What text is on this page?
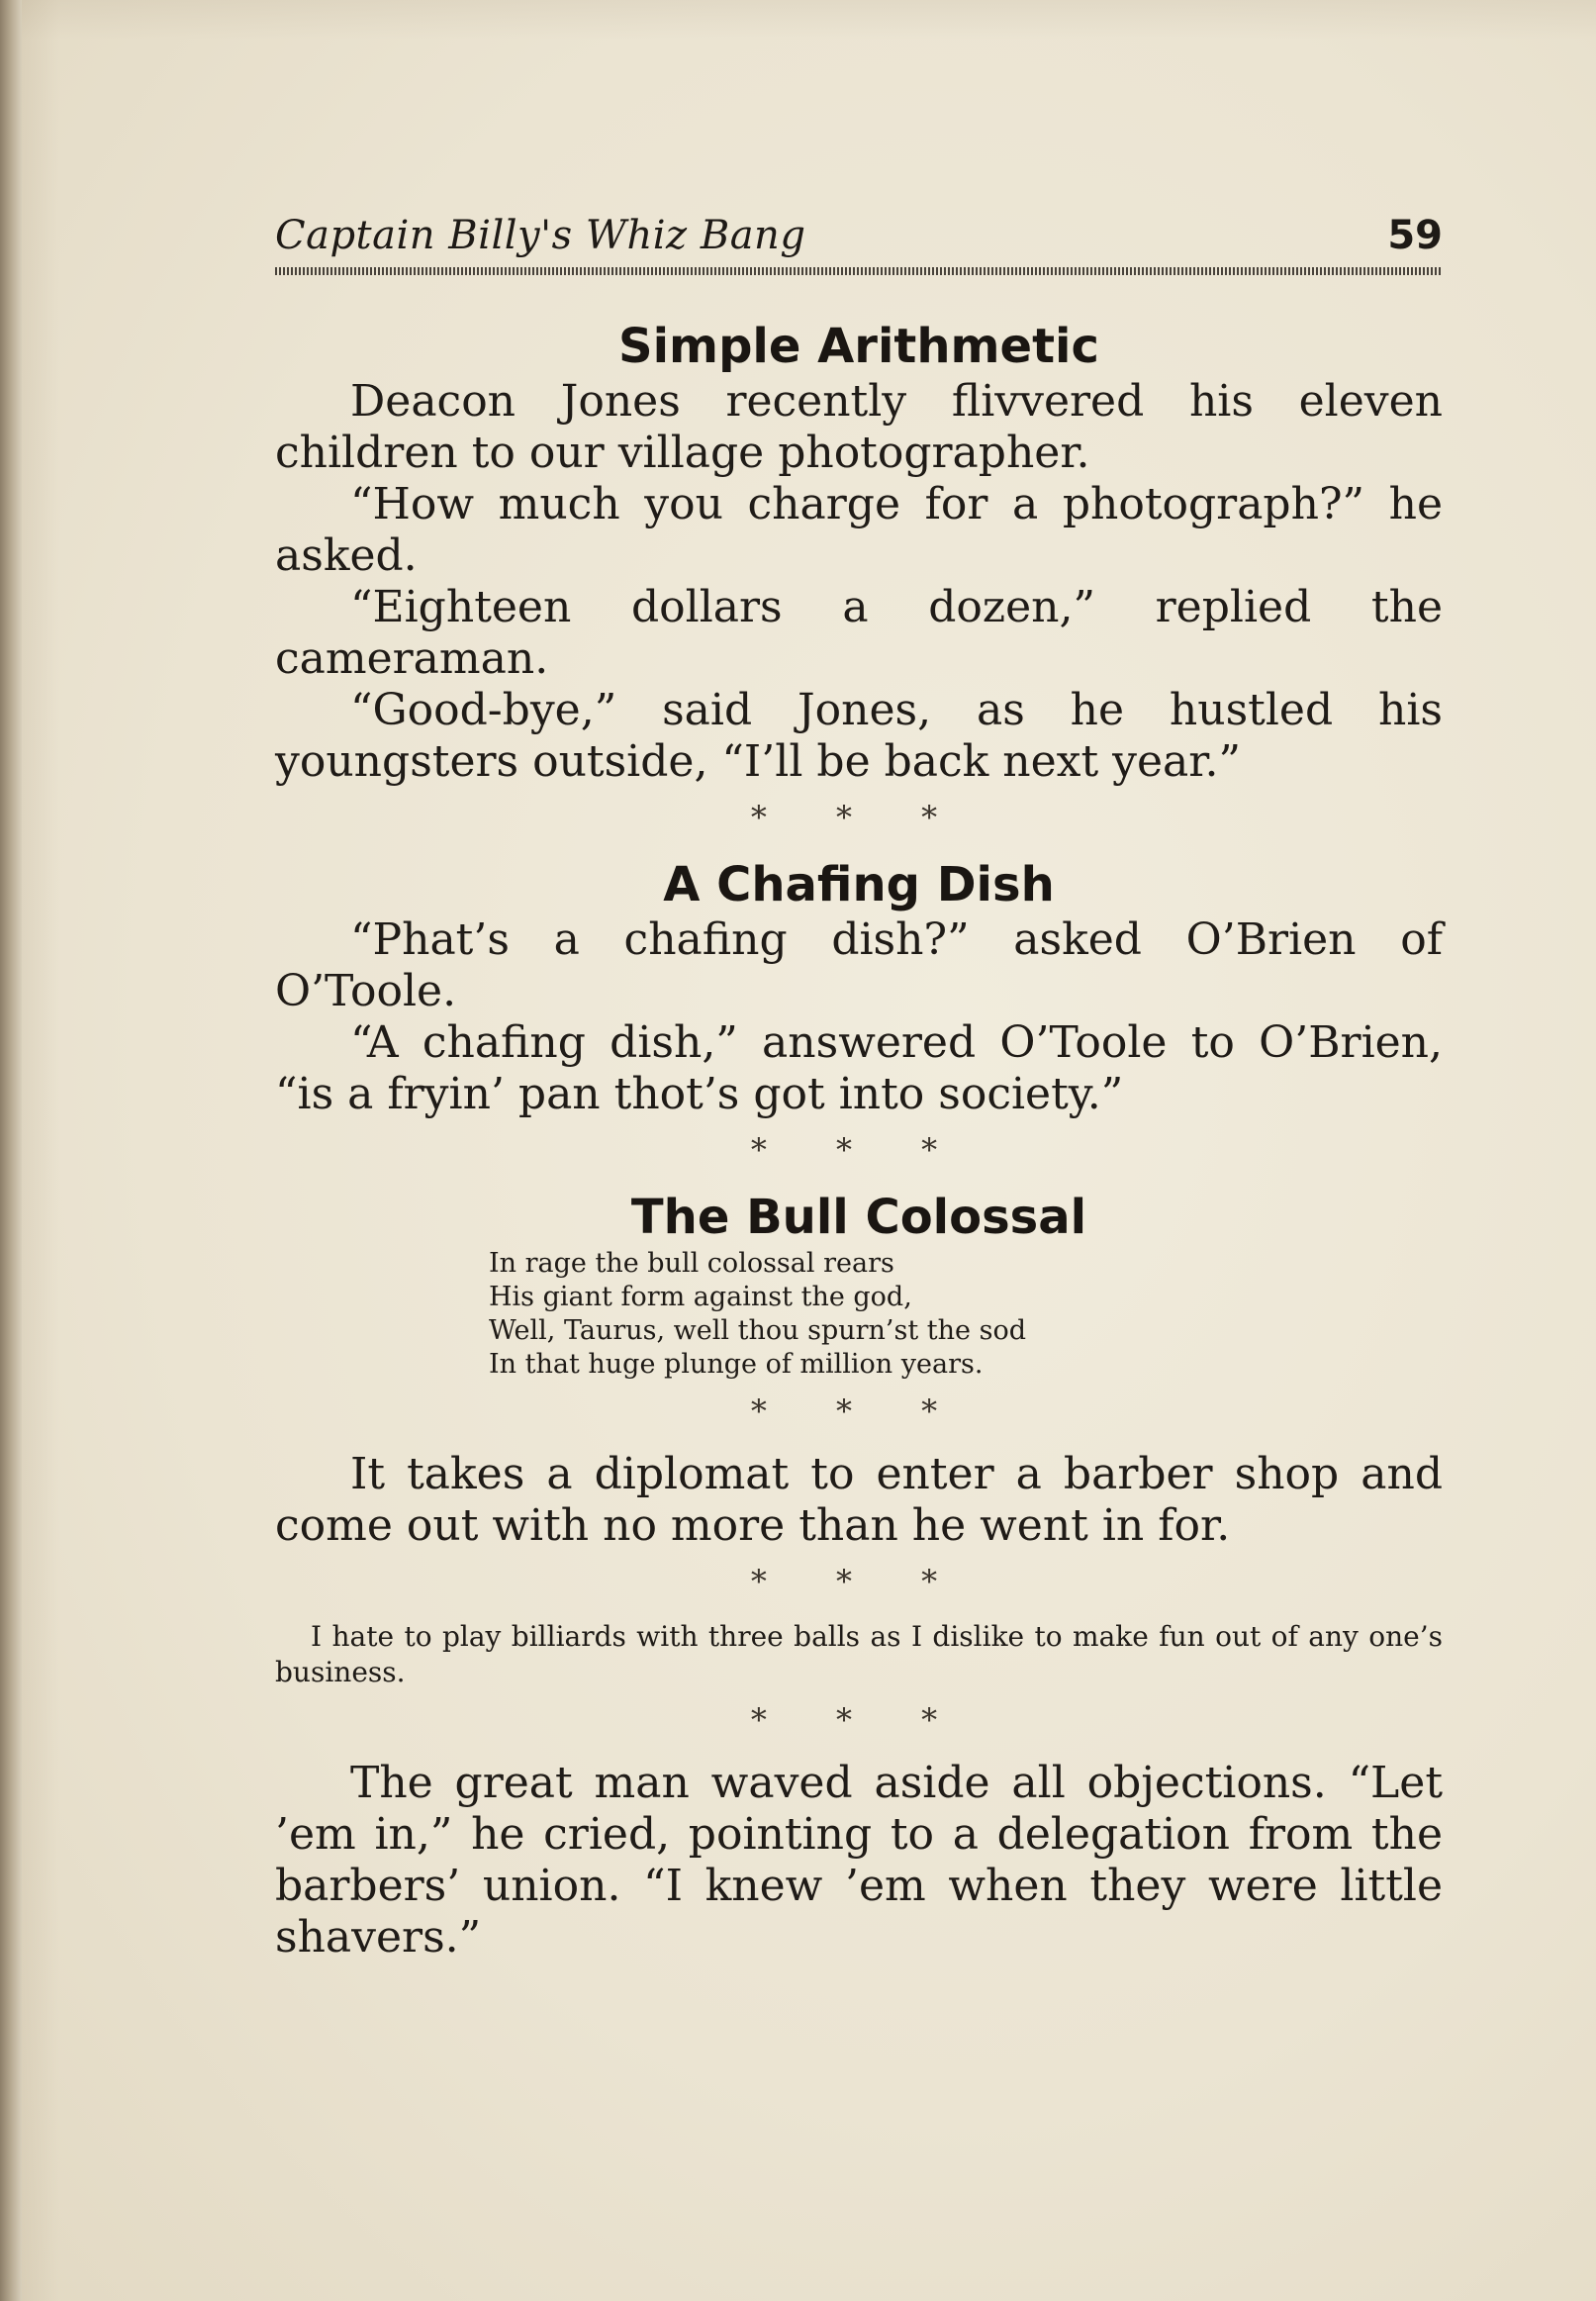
Captain Billy's Whiz Bang	59
Simple Arithmetic

Deacon Jones recently flivvered his eleven children to our village photographer.

“How much you charge for a photograph?” he asked.

“Eighteen dollars a dozen,” replied the cameraman.

“Good-bye,” said Jones, as he hustled his youngsters outside, “I’ll be back next year.”

* * *
A Chafing Dish

“Phat’s a chafing dish?” asked O’Brien of O’Toole.

“A chafing dish,” answered O’Toole to O’Brien, “is a fryin’ pan thot’s got into society.”

* * *
The Bull Colossal
In rage the bull colossal rears
His giant form against the god,
Well, Taurus, well thou spurn’st the sod
In that huge plunge of million years.
* * *

It takes a diplomat to enter a barber shop and come out with no more than he went in for.

* * *

I hate to play billiards with three balls as I dislike to make fun out of any one’s business.

* * *

The great man waved aside all objections. “Let ’em in,” he cried, pointing to a delegation from the barbers’ union. “I knew ’em when they were little shavers.”
